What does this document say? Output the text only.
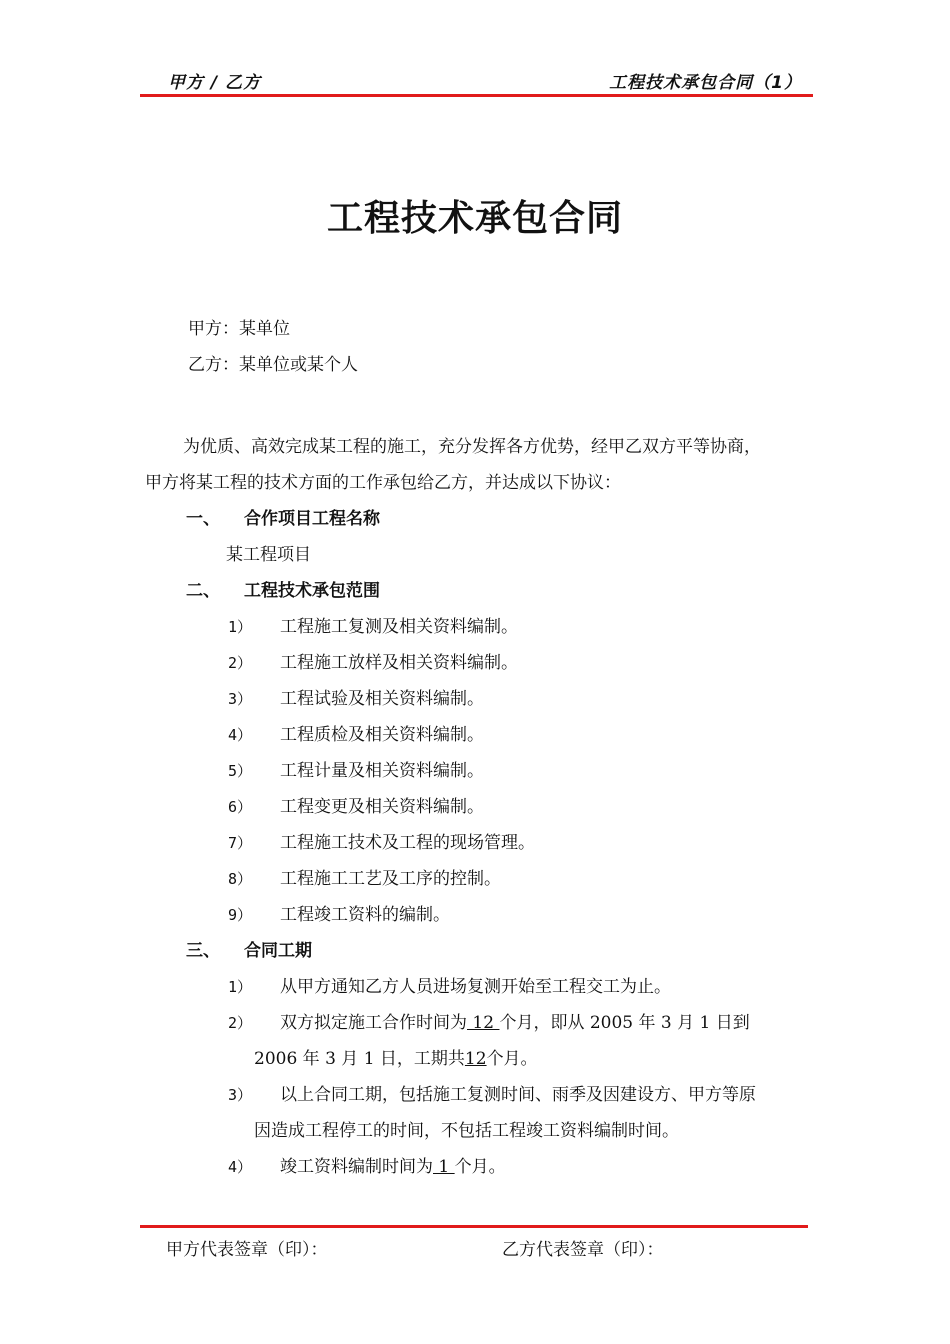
甲方 / 乙方	工程技术承包合同（1）
工程技术承包合同
甲方：某单位
乙方：某单位或某个人
为优质、高效完成某工程的施工，充分发挥各方优势，经甲乙双方平等协商，
甲方将某工程的技术方面的工作承包给乙方，并达成以下协议：
一、 合作项目工程名称
某工程项目
二、 工程技术承包范围
1） 工程施工复测及相关资料编制。
2） 工程施工放样及相关资料编制。
3） 工程试验及相关资料编制。
4） 工程质检及相关资料编制。
5） 工程计量及相关资料编制。
6） 工程变更及相关资料编制。
7） 工程施工技术及工程的现场管理。
8） 工程施工工艺及工序的控制。
9） 工程竣工资料的编制。
三、 合同工期
1） 从甲方通知乙方人员进场复测开始至工程交工为止。
2） 双方拟定施工合作时间为 12 个月，即从 2005 年 3 月 1 日到
2006 年 3 月 1 日，工期共12个月。
3） 以上合同工期，包括施工复测时间、雨季及因建设方、甲方等原
因造成工程停工的时间，不包括工程竣工资料编制时间。
4） 竣工资料编制时间为 1 个月。
甲方代表签章（印）：	乙方代表签章（印）：
